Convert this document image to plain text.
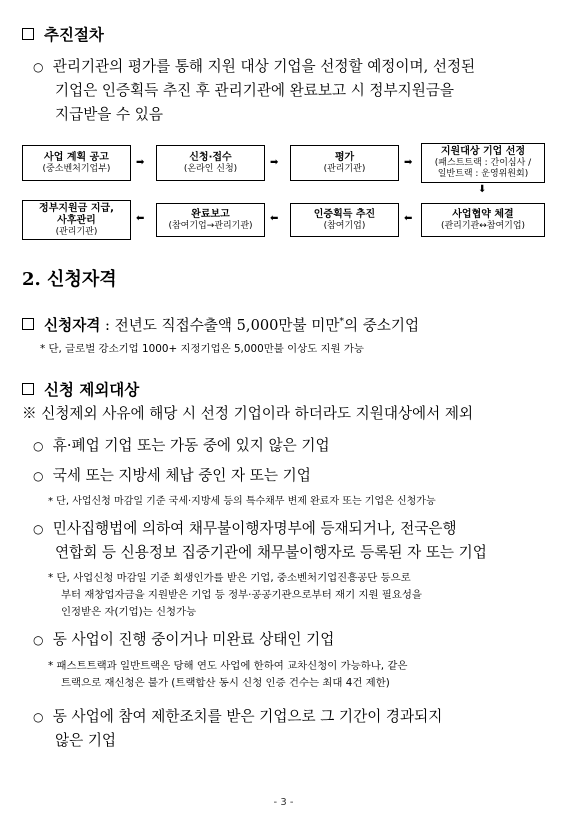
추진절차
○ 관리기관의 평가를 통해 지원 대상 기업을 선정할 예정이며, 선정된
기업은 인증획득 추진 후 관리기관에 완료보고 시 정부지원금을
지급받을 수 있음
사업 계획 공고
(중소벤처기업부)
➡	신청·접수
(온라인 신청)
➡	평가
(관리기관)
➡
지원대상 기업 선정
(패스트트랙 : 간이심사 /
일반트랙 : 운영위원회)
⬇
정부지원금 지급,
사후관리
(관리기관)
⬅	완료보고
(참여기업→관리기관)
⬅	인증획득 추진
(참여기업)
⬅	사업협약 체결
(관리기관↔참여기업)
2. 신청자격
신청자격 : 전년도 직접수출액 5,000만불 미만*의 중소기업
* 단, 글로벌 강소기업 1000+ 지정기업은 5,000만불 이상도 지원 가능
신청 제외대상
※ 신청제외 사유에 해당 시 선정 기업이라 하더라도 지원대상에서 제외
○ 휴·폐업 기업 또는 가동 중에 있지 않은 기업
○ 국세 또는 지방세 체납 중인 자 또는 기업
* 단, 사업신청 마감일 기준 국세·지방세 등의 특수채무 변제 완료자 또는 기업은 신청가능
○ 민사집행법에 의하여 채무불이행자명부에 등재되거나, 전국은행
연합회 등 신용정보 집중기관에 채무불이행자로 등록된 자 또는 기업
* 단, 사업신청 마감일 기준 회생인가를 받은 기업, 중소벤처기업진흥공단 등으로
부터 재창업자금을 지원받은 기업 등 정부·공공기관으로부터 재기 지원 필요성을
인정받은 자(기업)는 신청가능
○ 동 사업이 진행 중이거나 미완료 상태인 기업
* 패스트트랙과 일반트랙은 당해 연도 사업에 한하여 교차신청이 가능하나, 같은
트랙으로 재신청은 불가 (트랙합산 동시 신청 인증 건수는 최대 4건 제한)
○ 동 사업에 참여 제한조치를 받은 기업으로 그 기간이 경과되지
않은 기업
- 3 -
